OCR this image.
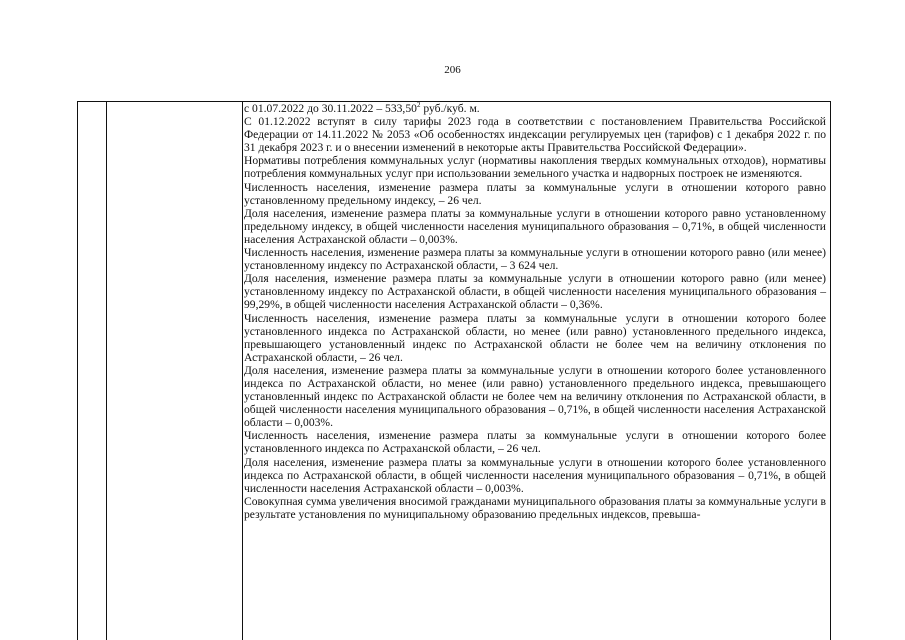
206

с 01.07.2022 до 30.11.2022 – 533,50$^2$ руб./куб. м.

С 01.12.2022 вступят в силу тарифы 2023 года в соответствии с постановлением Правительства Российской Федерации от 14.11.2022 № 2053 «Об особенностях индексации регулируемых цен (тарифов) с 1 декабря 2022 г. по 31 декабря 2023 г. и о внесении изменений в некоторые акты Правительства Российской Федерации».

Нормативы потребления коммунальных услуг (нормативы накопления твердых коммунальных отходов), нормативы потребления коммунальных услуг при использовании земельного участка и надворных построек не изменяются.

Численность населения, изменение размера платы за коммунальные услуги в отношении которого равно установленному предельному индексу, – 26 чел.

Доля населения, изменение размера платы за коммунальные услуги в отношении которого равно установленному предельному индексу, в общей численности населения муниципального образования – 0,71%, в общей численности населения Астраханской области – 0,003%.

Численность населения, изменение размера платы за коммунальные услуги в отношении которого равно (или менее) установленному индексу по Астраханской области, – 3 624 чел.

Доля населения, изменение размера платы за коммунальные услуги в отношении которого равно (или менее) установленному индексу по Астраханской области, в общей численности населения муниципального образования – 99,29%, в общей численности населения Астраханской области – 0,36%.

Численность населения, изменение размера платы за коммунальные услуги в отношении которого более установленного индекса по Астраханской области, но менее (или равно) установленного предельного индекса, превышающего установленный индекс по Астраханской области не более чем на величину отклонения по Астраханской области, – 26 чел.

Доля населения, изменение размера платы за коммунальные услуги в отношении которого более установленного индекса по Астраханской области, но менее (или равно) установленного предельного индекса, превышающего установленный индекс по Астраханской области не более чем на величину отклонения по Астраханской области, в общей численности населения муниципального образования – 0,71%, в общей численности населения Астраханской области – 0,003%.

Численность населения, изменение размера платы за коммунальные услуги в отношении которого более установленного индекса по Астраханской области, – 26 чел.

Доля населения, изменение размера платы за коммунальные услуги в отношении которого более установленного индекса по Астраханской области, в общей численности населения муниципального образования – 0,71%, в общей численности населения Астраханской области – 0,003%.

Совокупная сумма увеличения вносимой гражданами муниципального образования платы за коммунальные услуги в результате установления по муниципальному образованию предельных индексов, превыша-
